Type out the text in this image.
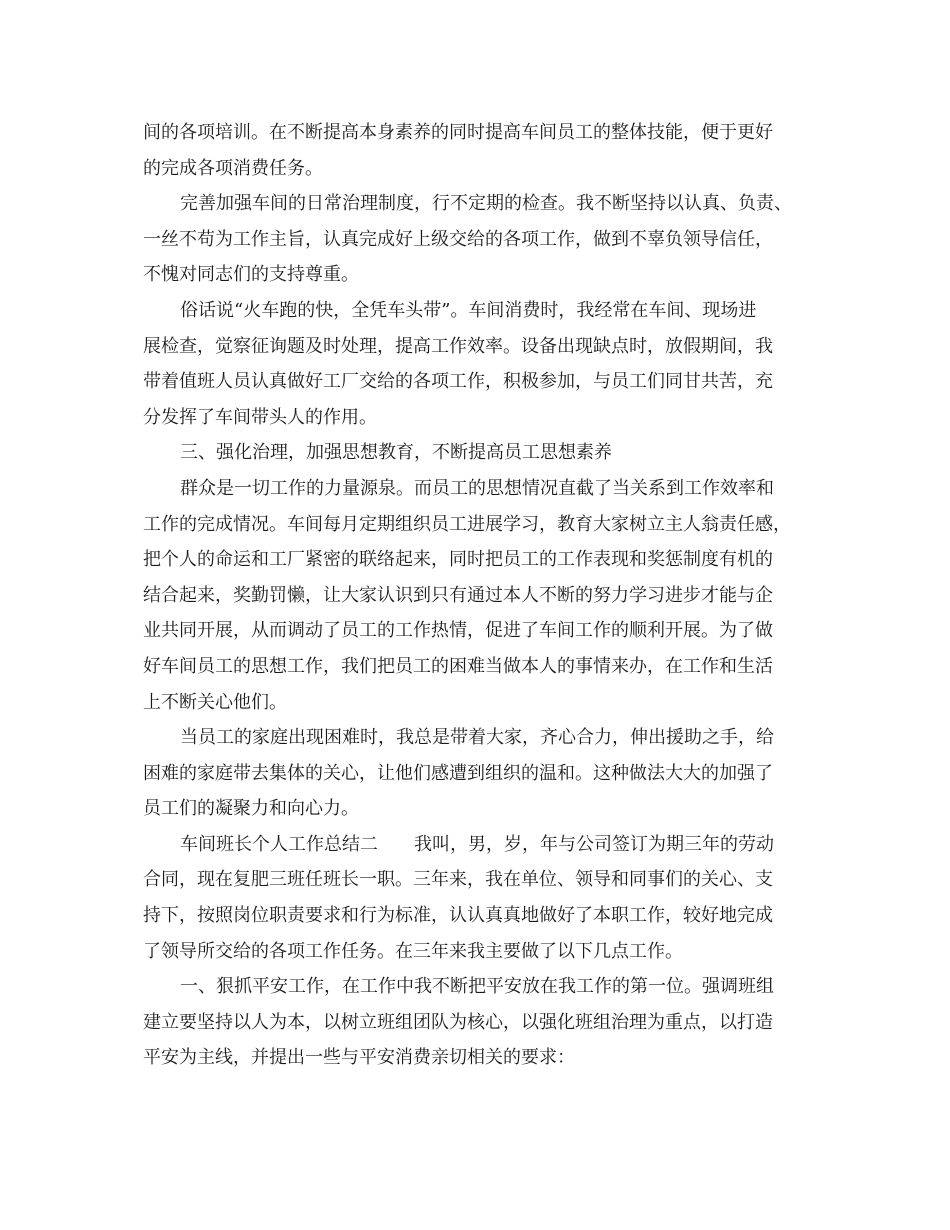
间的各项培训。在不断提高本身素养的同时提高车间员工的整体技能，便于更好
的完成各项消费任务。
完善加强车间的日常治理制度，行不定期的检查。我不断坚持以认真、负责、
一丝不苟为工作主旨，认真完成好上级交给的各项工作，做到不辜负领导信任，
不愧对同志们的支持尊重。
俗话说“火车跑的快，全凭车头带”。车间消费时，我经常在车间、现场进
展检查，觉察征询题及时处理，提高工作效率。设备出现缺点时，放假期间，我
带着值班人员认真做好工厂交给的各项工作，积极参加，与员工们同甘共苦，充
分发挥了车间带头人的作用。
三、强化治理，加强思想教育，不断提高员工思想素养
群众是一切工作的力量源泉。而员工的思想情况直截了当关系到工作效率和
工作的完成情况。车间每月定期组织员工进展学习，教育大家树立主人翁责任感，
把个人的命运和工厂紧密的联络起来，同时把员工的工作表现和奖惩制度有机的
结合起来，奖勤罚懒，让大家认识到只有通过本人不断的努力学习进步才能与企
业共同开展，从而调动了员工的工作热情，促进了车间工作的顺利开展。为了做
好车间员工的思想工作，我们把员工的困难当做本人的事情来办，在工作和生活
上不断关心他们。
当员工的家庭出现困难时，我总是带着大家，齐心合力，伸出援助之手，给
困难的家庭带去集体的关心，让他们感遭到组织的温和。这种做法大大的加强了
员工们的凝聚力和向心力。
车间班长个人工作总结二　　我叫，男，岁，年与公司签订为期三年的劳动
合同，现在复肥三班任班长一职。三年来，我在单位、领导和同事们的关心、支
持下，按照岗位职责要求和行为标准，认认真真地做好了本职工作，较好地完成
了领导所交给的各项工作任务。在三年来我主要做了以下几点工作。
一、狠抓平安工作，在工作中我不断把平安放在我工作的第一位。强调班组
建立要坚持以人为本，以树立班组团队为核心，以强化班组治理为重点，以打造
平安为主线，并提出一些与平安消费亲切相关的要求：
